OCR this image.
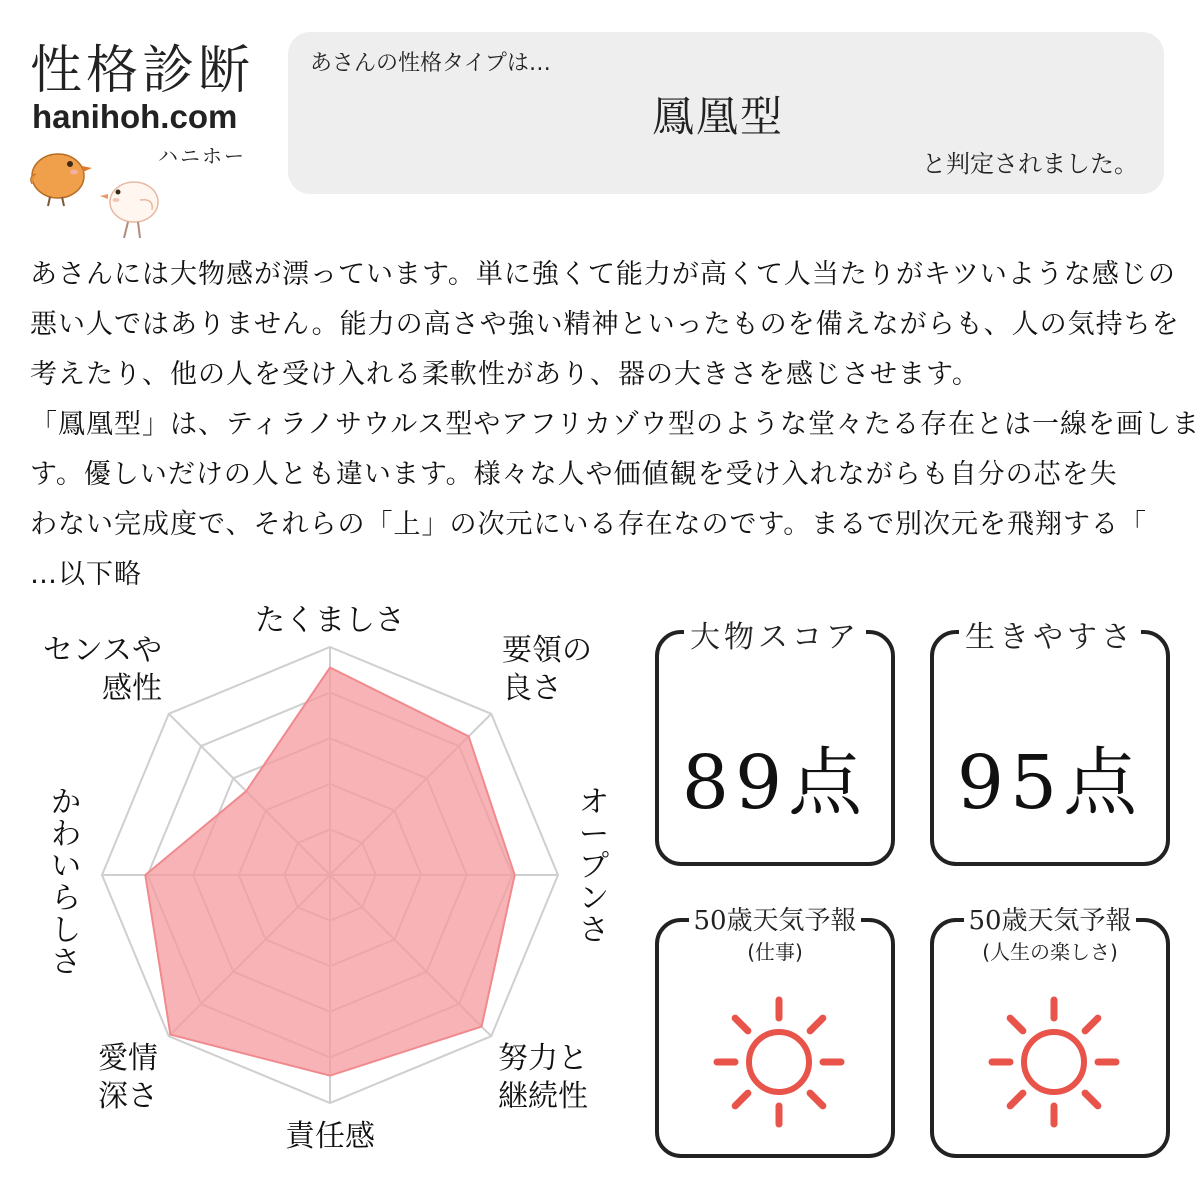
性格診断
hanihoh.com
ハニホー
あさんの性格タイプは…
鳳凰型
と判定されました。

あさんには大物感が漂っています。単に強くて能力が高くて人当たりがキツいような感じの

悪い人ではありません。能力の高さや強い精神といったものを備えながらも、人の気持ちを

考えたり、他の人を受け入れる柔軟性があり、器の大きさを感じさせます。

「鳳凰型」は、ティラノサウルス型やアフリカゾウ型のような堂々たる存在とは一線を画しま

す。優しいだけの人とも違います。様々な人や価値観を受け入れながらも自分の芯を失

わない完成度で、それらの「上」の次元にいる存在なのです。まるで別次元を飛翔する「

…以下略

たくましさ
要領の良さ
オープンさ
努力と継続性
責任感
愛情深さ
かわいらしさ
センスや感性
大物スコア
89点
生きやすさ
95点
50歳天気予報
(仕事)
50歳天気予報
(人生の楽しさ)
